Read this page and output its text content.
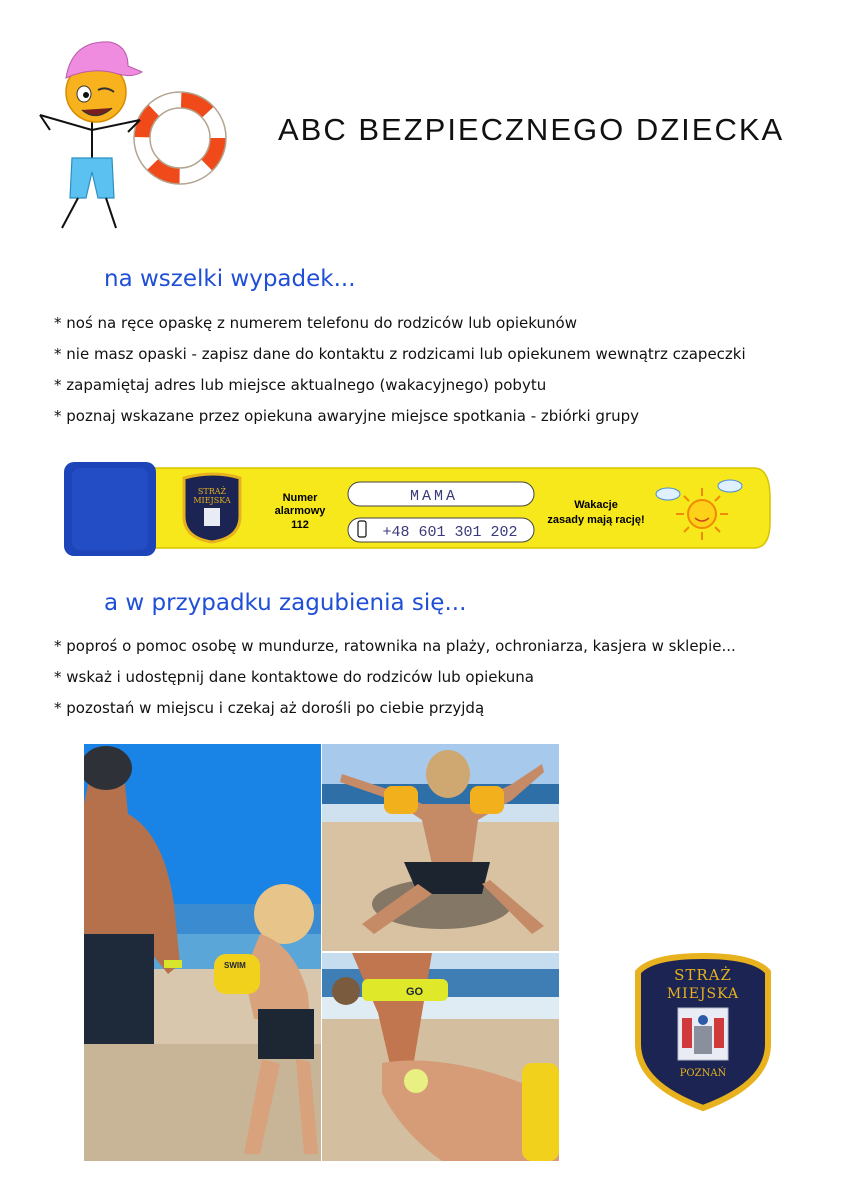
ABC BEZPIECZNEGO DZIECKA
na wszelki wypadek...
* noś na ręce opaskę z numerem telefonu do rodziców lub opiekunów
* nie masz opaski - zapisz dane do kontaktu z rodzicami lub opiekunem wewnątrz czapeczki
* zapamiętaj adres lub miejsce aktualnego (wakacyjnego) pobytu
* poznaj wskazane przez opiekuna awaryjne miejsce spotkania - zbiórki grupy
STRAŻ
MIEJSKA	Numer
alarmowy
112
MAMA
+48 601 301 202
Wakacje
zasady mają rację!
a w przypadku zagubienia się...
* poproś o pomoc osobę w mundurze, ratownika na plaży, ochroniarza, kasjera w sklepie...
* wskaż i udostępnij dane kontaktowe do rodziców lub opiekuna
* pozostań w miejscu i czekaj aż dorośli po ciebie przyjdą
SWIM
GO
STRAŻ
MIEJSKA
POZNAŃ
